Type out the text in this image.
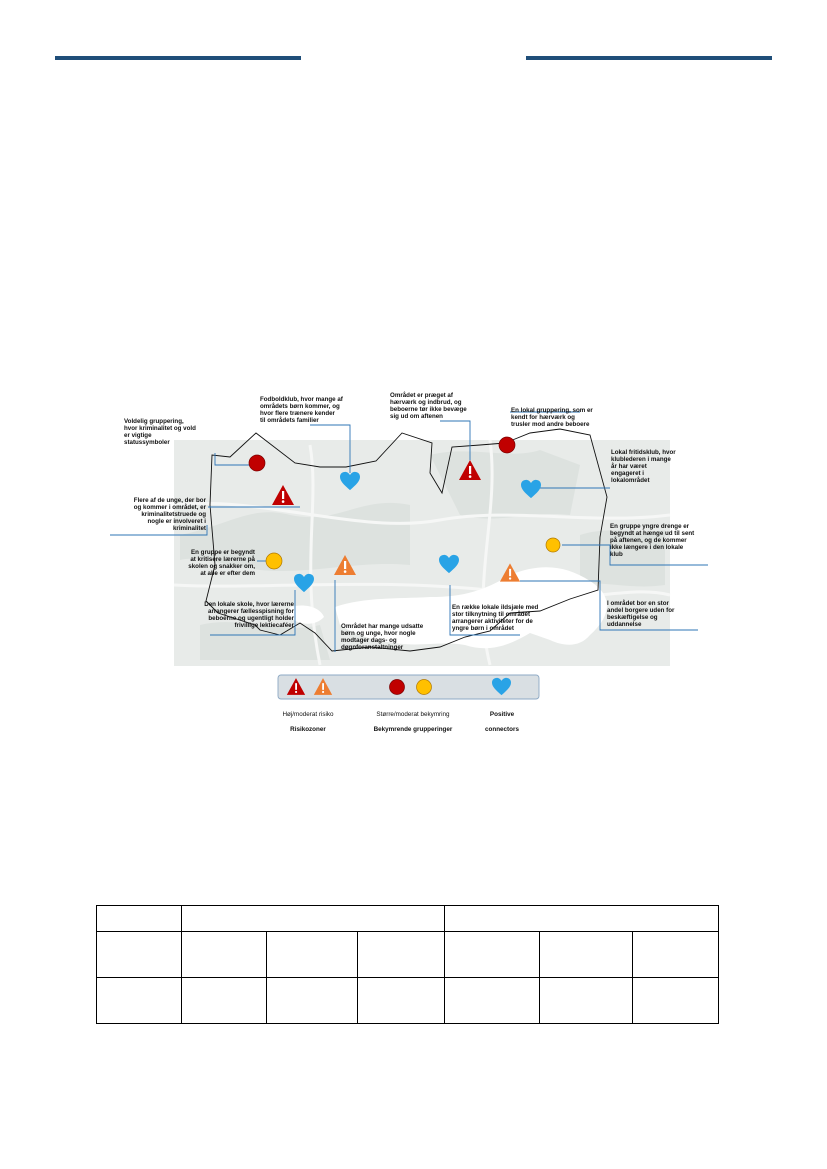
Voldelig gruppering,
hvor kriminalitet og vold
er vigtige
statussymboler
Fodboldklub, hvor mange af
områdets børn kommer, og
hvor flere trænere kender
til områdets familier
Området er præget af
hærværk og indbrud, og
beboerne tør ikke bevæge
sig ud om aftenen
En lokal gruppering, som er
kendt for hærværk og
trusler mod andre beboere
Lokal fritidsklub, hvor
klublederen i mange
år har været
engageret i
lokalområdet
Flere af de unge, der bor
og kommer i området, er
kriminalitetstruede og
nogle er involveret i
kriminalitet
En gruppe er begyndt
at kritisere lærerne på
skolen og snakker om,
at alle er efter dem
En gruppe yngre drenge er
begyndt at hænge ud til sent
på aftenen, og de kommer
ikke længere i den lokale
klub
Den lokale skole, hvor lærerne
arrangerer fællesspisning for
beboerne og ugentligt holder
frivillige lektiecaféer	Området har mange udsatte
børn og unge, hvor nogle
modtager dags- og
døgnforanstaltninger
En række lokale ildsjæle med
stor tilknytning til området
arrangerer aktiviteter for de
yngre børn i området
I området bor en stor
andel borgere uden for
beskæftigelse og
uddannelse

Høj/moderat risiko

Risikozoner

Større/moderat bekymring

Bekymrende grupperinger

Positive

connectors
